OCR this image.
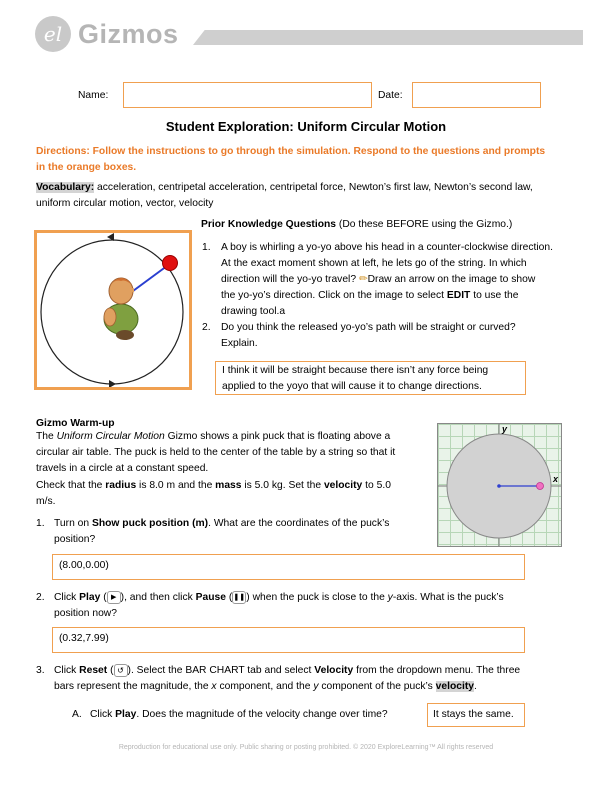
el Gizmos
Name:	Date:
Student Exploration: Uniform Circular Motion
Directions: Follow the instructions to go through the simulation. Respond to the questions and prompts in the orange boxes.
Vocabulary: acceleration, centripetal acceleration, centripetal force, Newton’s first law, Newton’s second law,
uniform circular motion, vector, velocity
Prior Knowledge Questions (Do these BEFORE using the Gizmo.)
1. A boy is whirling a yo-yo above his head in a counter-clockwise direction.
At the exact moment shown at left, he lets go of the string. In which
direction will the yo-yo travel? ✏Draw an arrow on the image to show
the yo-yo’s direction. Click on the image to select EDIT to use the
drawing tool.a
2. Do you think the released yo-yo’s path will be straight or curved?
Explain.
I think it will be straight because there isn’t any force being
applied to the yoyo that will cause it to change directions.
Gizmo Warm-up
The Uniform Circular Motion Gizmo shows a pink puck that is floating above a
circular air table. The puck is held to the center of the table by a string so that it
travels in a circle at a constant speed.
Check that the radius is 8.0 m and the mass is 5.0 kg. Set the velocity to 5.0
m/s.
y
x
1. Turn on Show puck position (m). What are the coordinates of the puck’s
position?
(8.00,0.00)
2. Click Play ( ▶ ), and then click Pause (❚❚) when the puck is close to the y-axis. What is the puck’s
position now?
(0.32,7.99)
3. Click Reset ( ↺ ). Select the BAR CHART tab and select Velocity from the dropdown menu. The three
bars represent the magnitude, the x component, and the y component of the puck’s velocity.
A. Click Play. Does the magnitude of the velocity change over time?	It stays the same.
Reproduction for educational use only. Public sharing or posting prohibited. © 2020 ExploreLearning™ All rights reserved
